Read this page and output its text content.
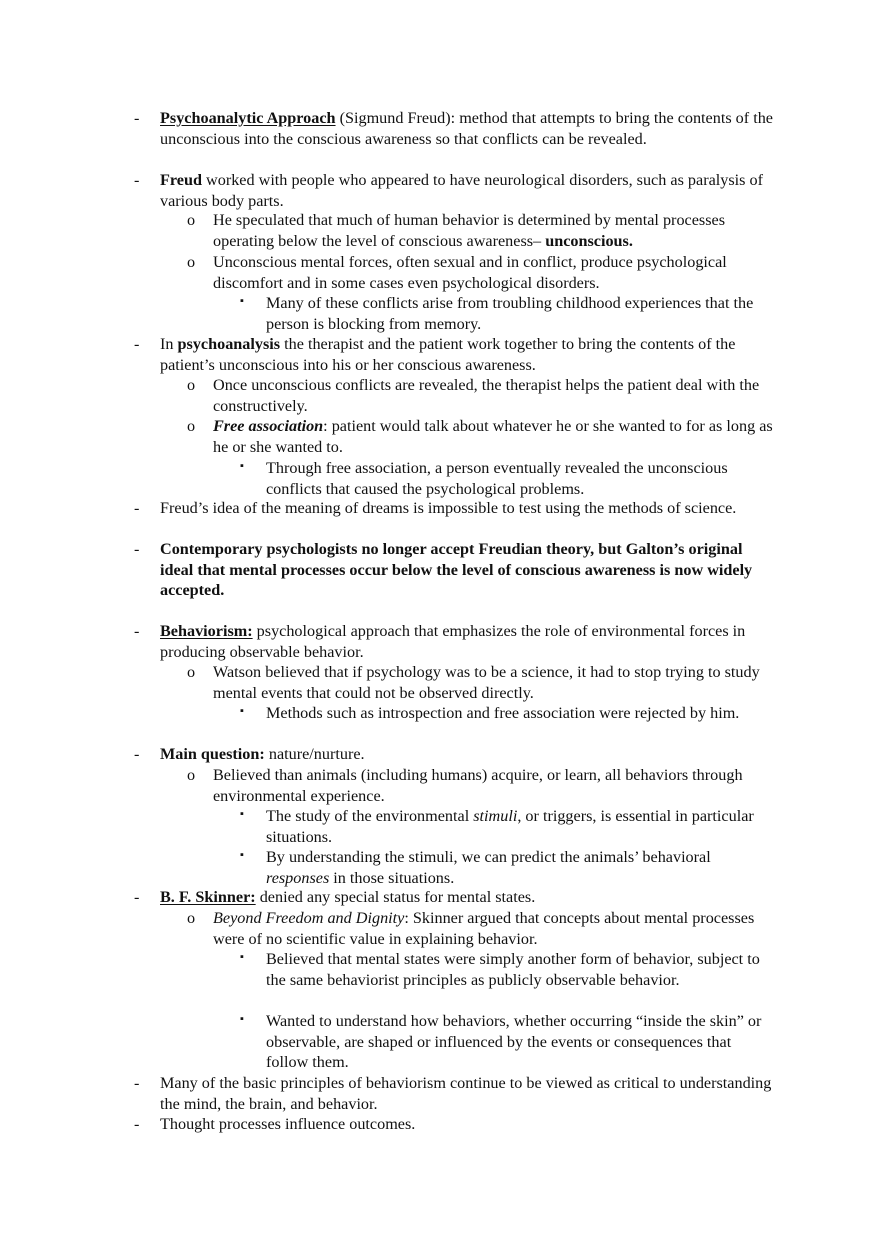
- Psychoanalytic Approach (Sigmund Freud): method that attempts to bring the contents of the unconscious into the conscious awareness so that conflicts can be revealed.
- Freud worked with people who appeared to have neurological disorders, such as paralysis of various body parts.
o He speculated that much of human behavior is determined by mental processes operating below the level of conscious awareness– unconscious.
o Unconscious mental forces, often sexual and in conflict, produce psychological discomfort and in some cases even psychological disorders.
▪ Many of these conflicts arise from troubling childhood experiences that the person is blocking from memory.
- In psychoanalysis the therapist and the patient work together to bring the contents of the patient’s unconscious into his or her conscious awareness.
o Once unconscious conflicts are revealed, the therapist helps the patient deal with the constructively.
o Free association: patient would talk about whatever he or she wanted to for as long as he or she wanted to.
▪ Through free association, a person eventually revealed the unconscious conflicts that caused the psychological problems.
- Freud’s idea of the meaning of dreams is impossible to test using the methods of science.
- Contemporary psychologists no longer accept Freudian theory, but Galton’s original ideal that mental processes occur below the level of conscious awareness is now widely accepted.
- Behaviorism: psychological approach that emphasizes the role of environmental forces in producing observable behavior.
o Watson believed that if psychology was to be a science, it had to stop trying to study mental events that could not be observed directly.
▪ Methods such as introspection and free association were rejected by him.
- Main question: nature/nurture.
o Believed than animals (including humans) acquire, or learn, all behaviors through environmental experience.
▪ The study of the environmental stimuli, or triggers, is essential in particular situations.
▪ By understanding the stimuli, we can predict the animals’ behavioral responses in those situations.
- B. F. Skinner: denied any special status for mental states.
o Beyond Freedom and Dignity: Skinner argued that concepts about mental processes were of no scientific value in explaining behavior.
▪ Believed that mental states were simply another form of behavior, subject to the same behaviorist principles as publicly observable behavior.
▪ Wanted to understand how behaviors, whether occurring “inside the skin” or observable, are shaped or influenced by the events or consequences that follow them.
- Many of the basic principles of behaviorism continue to be viewed as critical to understanding the mind, the brain, and behavior.
- Thought processes influence outcomes.
